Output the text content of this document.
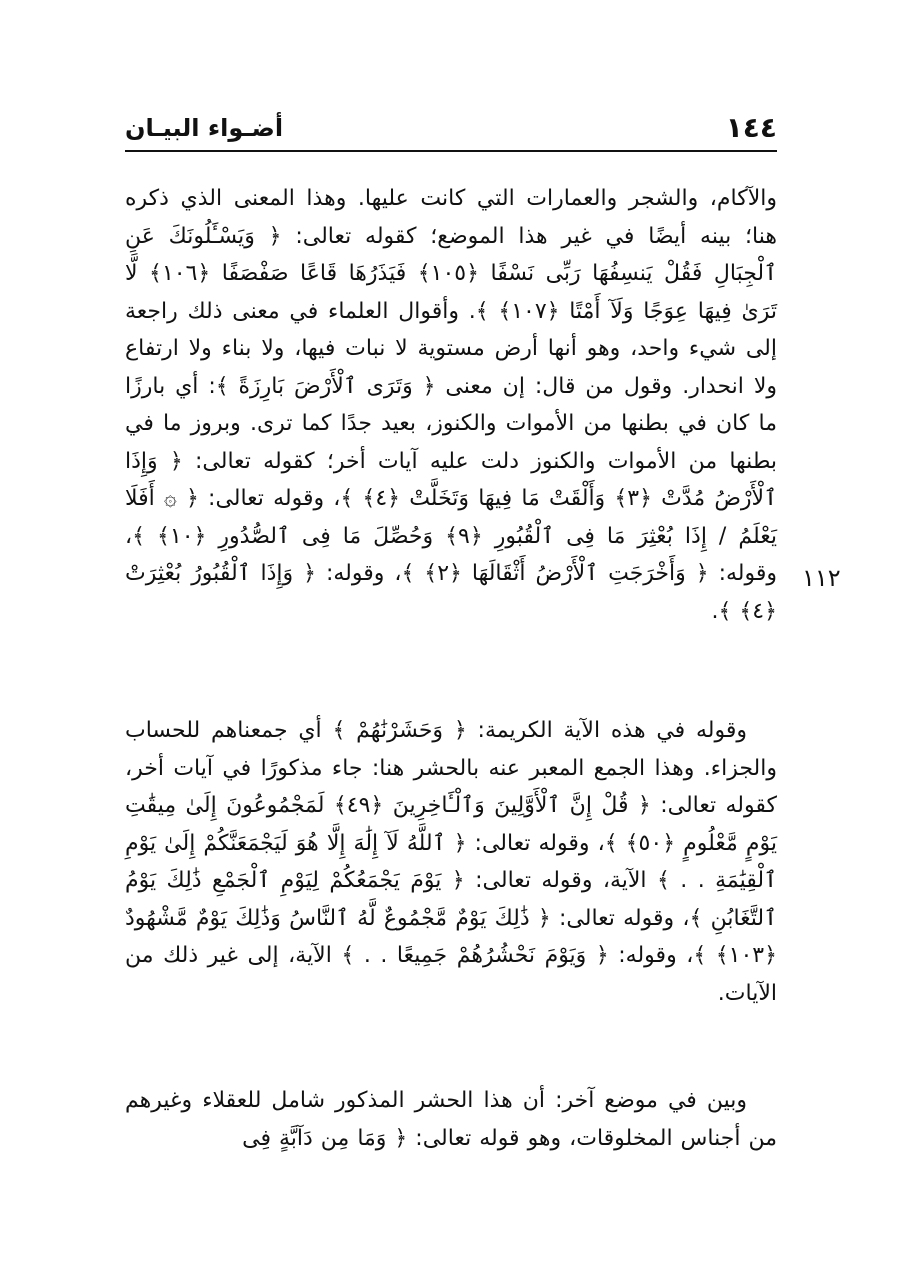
١٤٤
أضـواء البيـان
١١٢
والآكام، والشجر والعمارات التي كانت عليها. وهذا المعنى الذي ذكره هنا؛ بينه أيضًا في غير هذا الموضع؛ كقوله تعالى: ﴿ وَيَسْـَٔلُونَكَ عَنِ ٱلْجِبَالِ فَقُلْ يَنسِفُهَا رَبِّى نَسْفًا ﴿١٠٥﴾ فَيَذَرُهَا قَاعًا صَفْصَفًا ﴿١٠٦﴾ لَّا تَرَىٰ فِيهَا عِوَجًا وَلَآ أَمْتًا ﴿١٠٧﴾ ﴾. وأقوال العلماء في معنى ذلك راجعة إلى شيء واحد، وهو أنها أرض مستوية لا نبات فيها، ولا بناء ولا ارتفاع ولا انحدار. وقول من قال: إن معنى ﴿ وَتَرَى ٱلْأَرْضَ بَارِزَةً ﴾: أي بارزًا ما كان في بطنها من الأموات والكنوز، بعيد جدًا كما ترى. وبروز ما في بطنها من الأموات والكنوز دلت عليه آيات أخر؛ كقوله تعالى: ﴿ وَإِذَا ٱلْأَرْضُ مُدَّتْ ﴿٣﴾ وَأَلْقَتْ مَا فِيهَا وَتَخَلَّتْ ﴿٤﴾ ﴾، وقوله تعالى: ﴿ ۞ أَفَلَا يَعْلَمُ / إِذَا بُعْثِرَ مَا فِى ٱلْقُبُورِ ﴿٩﴾ وَحُصِّلَ مَا فِى ٱلصُّدُورِ ﴿١٠﴾ ﴾، وقوله: ﴿ وَأَخْرَجَتِ ٱلْأَرْضُ أَثْقَالَهَا ﴿٢﴾ ﴾، وقوله: ﴿ وَإِذَا ٱلْقُبُورُ بُعْثِرَتْ ﴿٤﴾ ﴾.
وقوله في هذه الآية الكريمة: ﴿ وَحَشَرْنَٰهُمْ ﴾ أي جمعناهم للحساب والجزاء. وهذا الجمع المعبر عنه بالحشر هنا: جاء مذكورًا في آيات أخر، كقوله تعالى: ﴿ قُلْ إِنَّ ٱلْأَوَّلِينَ وَٱلْـَٔاخِرِينَ ﴿٤٩﴾ لَمَجْمُوعُونَ إِلَىٰ مِيقَٰتِ يَوْمٍ مَّعْلُومٍ ﴿٥٠﴾ ﴾، وقوله تعالى: ﴿ ٱللَّهُ لَآ إِلَٰهَ إِلَّا هُوَ لَيَجْمَعَنَّكُمْ إِلَىٰ يَوْمِ ٱلْقِيَٰمَةِ . . ﴾ الآية، وقوله تعالى: ﴿ يَوْمَ يَجْمَعُكُمْ لِيَوْمِ ٱلْجَمْعِ ذَٰلِكَ يَوْمُ ٱلتَّغَابُنِ ﴾، وقوله تعالى: ﴿ ذَٰلِكَ يَوْمٌ مَّجْمُوعٌ لَّهُ ٱلنَّاسُ وَذَٰلِكَ يَوْمٌ مَّشْهُودٌ ﴿١٠٣﴾ ﴾، وقوله: ﴿ وَيَوْمَ نَحْشُرُهُمْ جَمِيعًا . . ﴾ الآية، إلى غير ذلك من الآيات.
وبين في موضع آخر: أن هذا الحشر المذكور شامل للعقلاء وغيرهم من أجناس المخلوقات، وهو قوله تعالى: ﴿ وَمَا مِن دَآبَّةٍ فِى
